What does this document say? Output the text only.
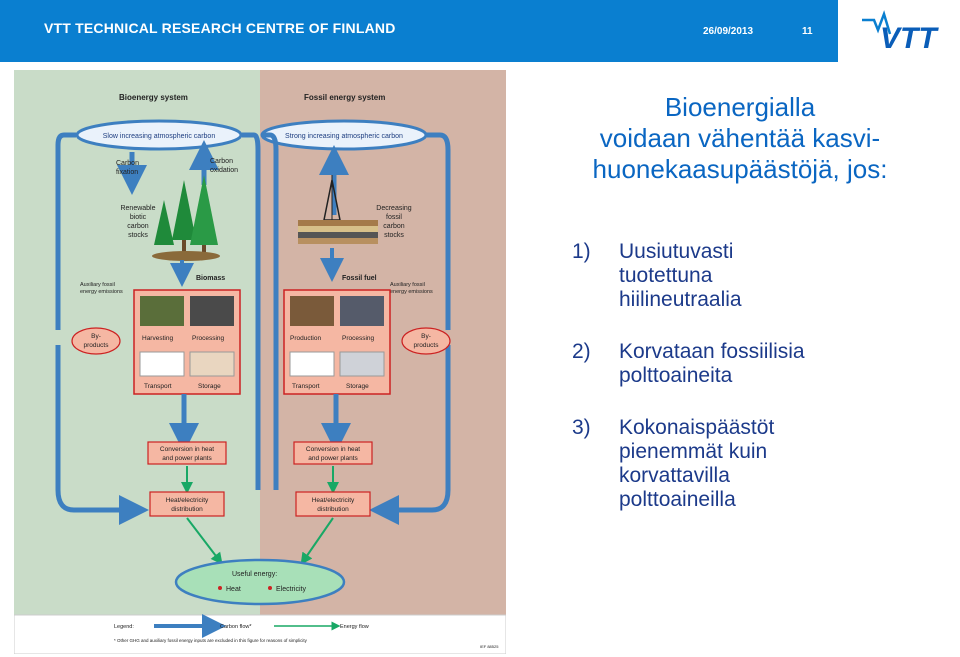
VTT TECHNICAL RESEARCH CENTRE OF FINLAND	26/09/2013	11 VTT
Bioenergy system	Fossil energy system
Slow increasing atmospheric carbon	Strong increasing atmospheric carbon
Carbon fixation
Carbon oxidation
Renewable biotic carbon stocks
Biomass
Decreasing fossil carbon stocks
Fossil fuel
Auxiliary fossil energy emissions
Auxiliary fossil energy emissions
Harvesting	Processing
Transport	Storage
Production	Processing
Transport	Storage
By-products
By-products
Conversion in heat and power plants
Conversion in heat and power plants
Heat/electricity distribution
Heat/electricity distribution
Useful energy:
Heat	Electricity
Legend:	Carbon flow*	Energy flow
* Other GHG and auxiliary fossil energy inputs are excluded in this figure for reasons of simplicity
IEF 88525
Bioenergialla
voidaan vähentää kasvi-
huonekaasupäästöjä, jos:
1) Uusiutuvasti
tuotettuna
hiilineutraalia
2) Korvataan fossiilisia
polttoaineita
3) Kokonaispäästöt
pienemmät kuin
korvattavilla
polttoaineilla
